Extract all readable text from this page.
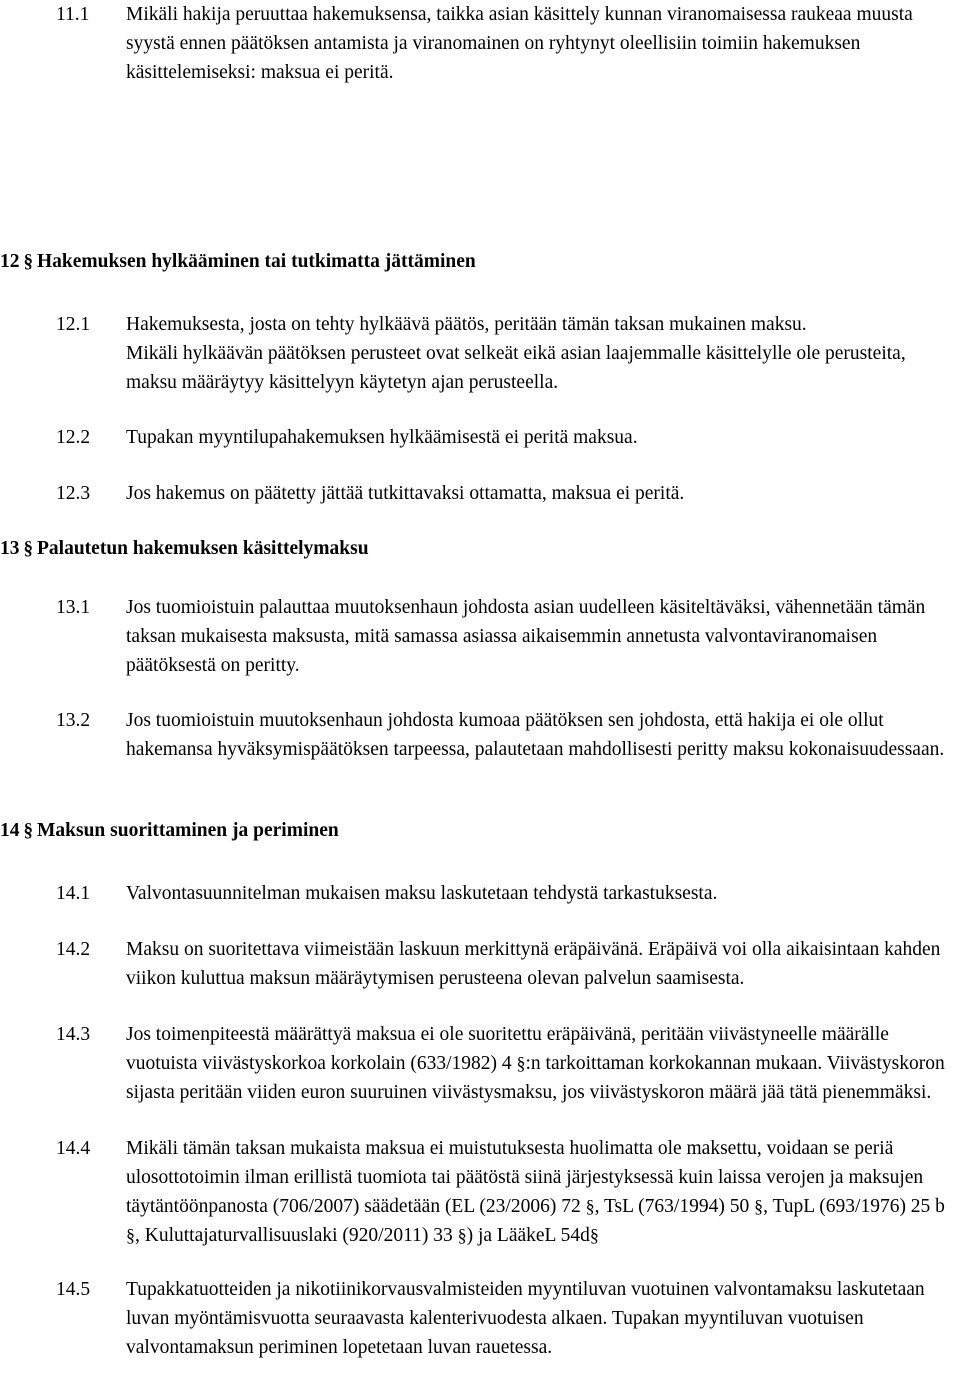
11.1	Mikäli hakija peruuttaa hakemuksensa, taikka asian käsittely kunnan viranomaisessa raukeaa muusta syystä ennen päätöksen antamista ja viranomainen on ryhtynyt oleellisiin toimiin hakemuksen käsittelemiseksi: maksua ei peritä.

12 § Hakemuksen hylkääminen tai tutkimatta jättäminen
12.1	Hakemuksesta, josta on tehty hylkäävä päätös, peritään tämän taksan mukainen maksu.

Mikäli hylkäävän päätöksen perusteet ovat selkeät eikä asian laajemmalle käsittelylle ole perusteita, maksu määräytyy käsittelyyn käytetyn ajan perusteella.

12.2	Tupakan myyntilupahakemuksen hylkäämisestä ei peritä maksua.

12.3	Jos hakemus on päätetty jättää tutkittavaksi ottamatta, maksua ei peritä.

13 § Palautetun hakemuksen käsittelymaksu
13.1	Jos tuomioistuin palauttaa muutoksenhaun johdosta asian uudelleen käsiteltäväksi, vähennetään tämän taksan mukaisesta maksusta, mitä samassa asiassa aikaisemmin annetusta valvontaviranomaisen päätöksestä on peritty.

13.2	Jos tuomioistuin muutoksenhaun johdosta kumoaa päätöksen sen johdosta, että hakija ei ole ollut hakemansa hyväksymispäätöksen tarpeessa, palautetaan mahdollisesti peritty maksu kokonaisuudessaan.

14 § Maksun suorittaminen ja periminen
14.1	Valvontasuunnitelman mukaisen maksu laskutetaan tehdystä tarkastuksesta.

14.2	Maksu on suoritettava viimeistään laskuun merkittynä eräpäivänä. Eräpäivä voi olla aikaisintaan kahden viikon kuluttua maksun määräytymisen perusteena olevan palvelun saamisesta.

14.3	Jos toimenpiteestä määrättyä maksua ei ole suoritettu eräpäivänä, peritään viivästyneelle määrälle vuotuista viivästyskorkoa korkolain (633/1982) 4 §:n tarkoittaman korkokannan mukaan. Viivästyskoron sijasta peritään viiden euron suuruinen viivästysmaksu, jos viivästyskoron määrä jää tätä pienemmäksi.

14.4	Mikäli tämän taksan mukaista maksua ei muistutuksesta huolimatta ole maksettu, voidaan se periä ulosottotoimin ilman erillistä tuomiota tai päätöstä siinä järjestyksessä kuin laissa verojen ja maksujen täytäntöönpanosta (706/2007) säädetään (EL (23/2006) 72 §, TsL (763/1994) 50 §, TupL (693/1976) 25 b §, Kuluttajaturvallisuuslaki (920/2011) 33 §) ja LääkeL 54d§

14.5	Tupakkatuotteiden ja nikotiinikorvausvalmisteiden myyntiluvan vuotuinen valvontamaksu laskutetaan luvan myöntämisvuotta seuraavasta kalenterivuodesta alkaen. Tupakan myyntiluvan vuotuisen valvontamaksun periminen lopetetaan luvan rauetessa.
